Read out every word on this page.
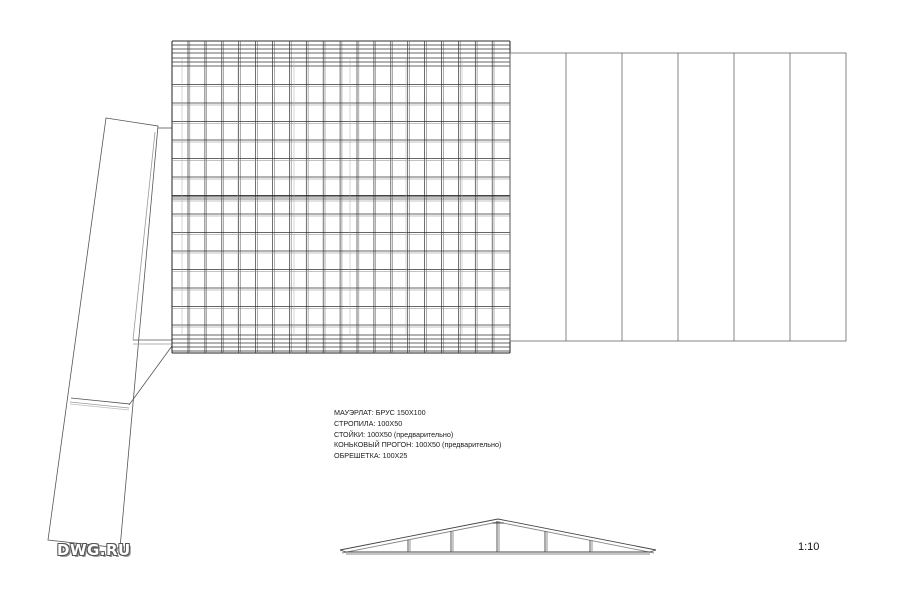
МАУЭРЛАТ: БРУС 150Х100
СТРОПИЛА: 100Х50
СТОЙКИ: 100Х50 (предварительно)
КОНЬКОВЫЙ ПРОГОН: 100Х50 (предварительно)
ОБРЕШЕТКА: 100Х25
1:10
DWG.RU
